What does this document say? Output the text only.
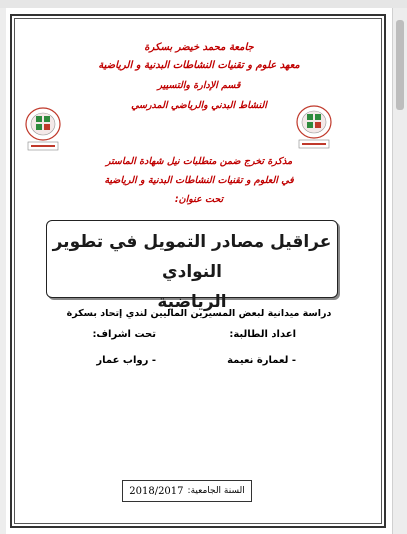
جامعة محمد خيضر بسكرة
معهد علوم و تقنيات النشاطات البدنية و الرياضية
قسم الإدارة والتسيير
النشاط البدني والرياضي المدرسي
مذكرة تخرج ضمن متطلبات نيل شهادة الماستر
في العلوم و تقنيات النشاطات البدنية و الرياضية
تحت عنوان:
عراقيل مصادر التمويل في تطوير النوادي
الرياضية
دراسة ميدانية لبعض المسيرين الماليين لندي إتحاد بسكرة
اعداد الطالبة:
تحت اشراف:
- لعمارة نعيمة
- رواب عمار
السنة الجامعية:
2018/2017
